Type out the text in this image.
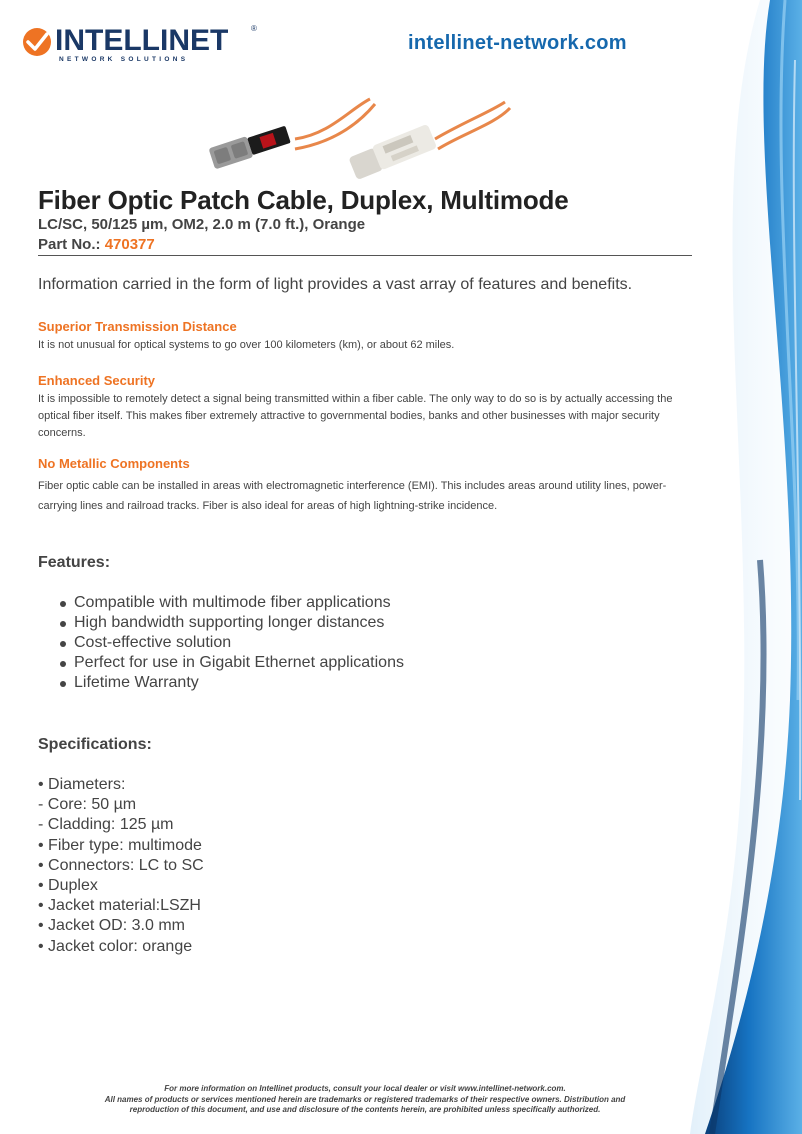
INTELLINET	®
NETWORK SOLUTIONS
intellinet-network.com
Fiber Optic Patch Cable, Duplex, Multimode
LC/SC, 50/125 µm, OM2, 2.0 m (7.0 ft.), Orange
Part No.: 470377
Information carried in the form of light provides a vast array of features and benefits.
Superior Transmission Distance
It is not unusual for optical systems to go over 100 kilometers (km), or about 62 miles.
Enhanced Security
It is impossible to remotely detect a signal being transmitted within a fiber cable. The only way to do so is by actually accessing the optical fiber itself. This makes fiber extremely attractive to governmental bodies, banks and other businesses with major security concerns.
No Metallic Components
Fiber optic cable can be installed in areas with electromagnetic interference (EMI). This includes areas around utility lines, power-carrying lines and railroad tracks. Fiber is also ideal for areas of high lightning-strike incidence.
Features:
Compatible with multimode fiber applications
High bandwidth supporting longer distances
Cost-effective solution
Perfect for use in Gigabit Ethernet applications
Lifetime Warranty
Specifications:
• Diameters:
- Core: 50 µm
- Cladding: 125 µm
• Fiber type: multimode
• Connectors: LC to SC
• Duplex
• Jacket material:LSZH
• Jacket OD: 3.0 mm
• Jacket color: orange
For more information on Intellinet products, consult your local dealer or visit www.intellinet-network.com.
All names of products or services mentioned herein are trademarks or registered trademarks of their respective owners. Distribution and
reproduction of this document, and use and disclosure of the contents herein, are prohibited unless specifically authorized.
